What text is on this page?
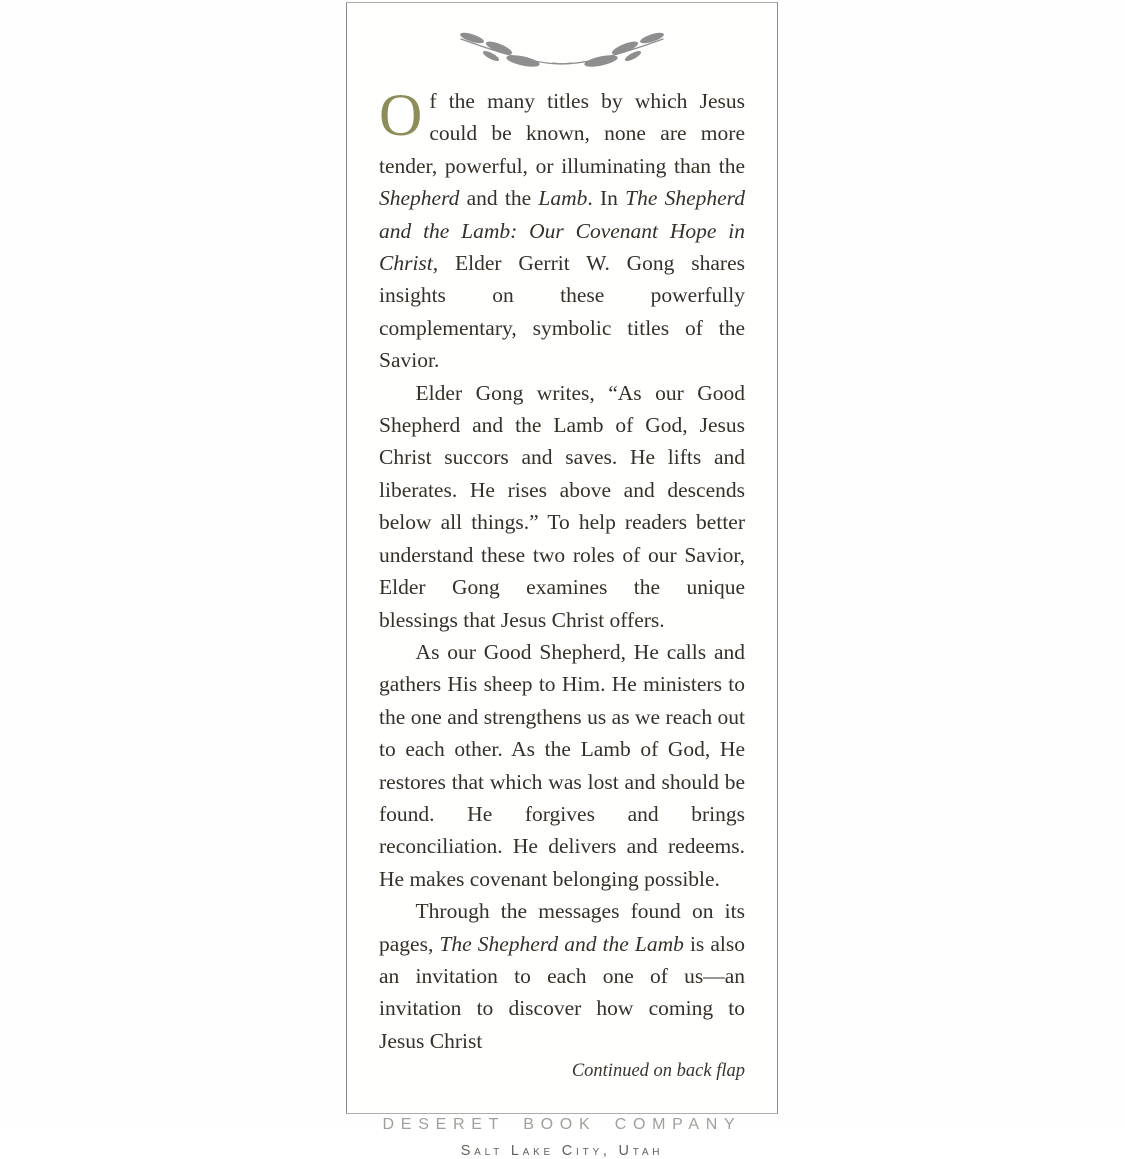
Of the many titles by which Jesus could be known, none are more tender, powerful, or illuminating than the Shepherd and the Lamb. In The Shepherd and the Lamb: Our Covenant Hope in Christ, Elder Gerrit W. Gong shares insights on these powerfully complementary, symbolic titles of the Savior.

Elder Gong writes, “As our Good Shepherd and the Lamb of God, Jesus Christ succors and saves. He lifts and liberates. He rises above and descends below all things.” To help readers better understand these two roles of our Savior, Elder Gong examines the unique blessings that Jesus Christ offers.

As our Good Shepherd, He calls and gathers His sheep to Him. He ministers to the one and strengthens us as we reach out to each other. As the Lamb of God, He restores that which was lost and should be found. He forgives and brings reconciliation. He delivers and redeems. He makes covenant belonging possible.

Through the messages found on its pages, The Shepherd and the Lamb is also an invitation to each one of us—an invitation to discover how coming to Jesus Christ

Continued on back flap
DESERET BOOK COMPANY
Salt Lake City, Utah
